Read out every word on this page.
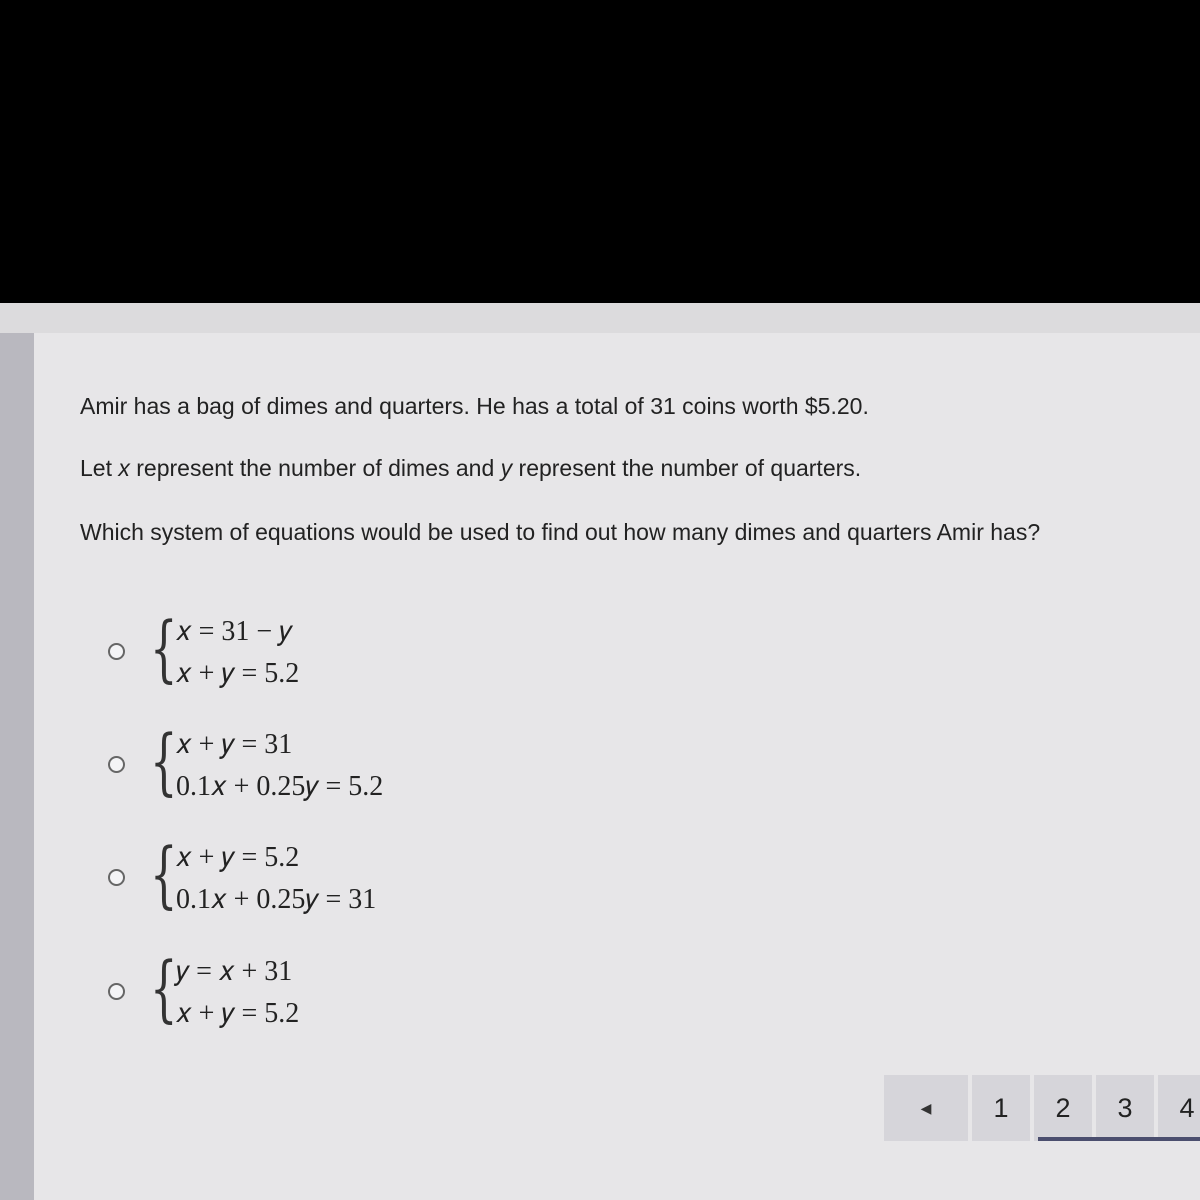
Amir has a bag of dimes and quarters. He has a total of 31 coins worth $5.20.
Let x represent the number of dimes and y represent the number of quarters.
Which system of equations would be used to find out how many dimes and quarters Amir has?
{
𝑥 = 31 − 𝑦
𝑥 + 𝑦 = 5.2
{
𝑥 + 𝑦 = 31
0.1𝑥 + 0.25𝑦 = 5.2
{
𝑥 + 𝑦 = 5.2
0.1𝑥 + 0.25𝑦 = 31
{
𝑦 = 𝑥 + 31
𝑥 + 𝑦 = 5.2
◀	1	2	3	4
